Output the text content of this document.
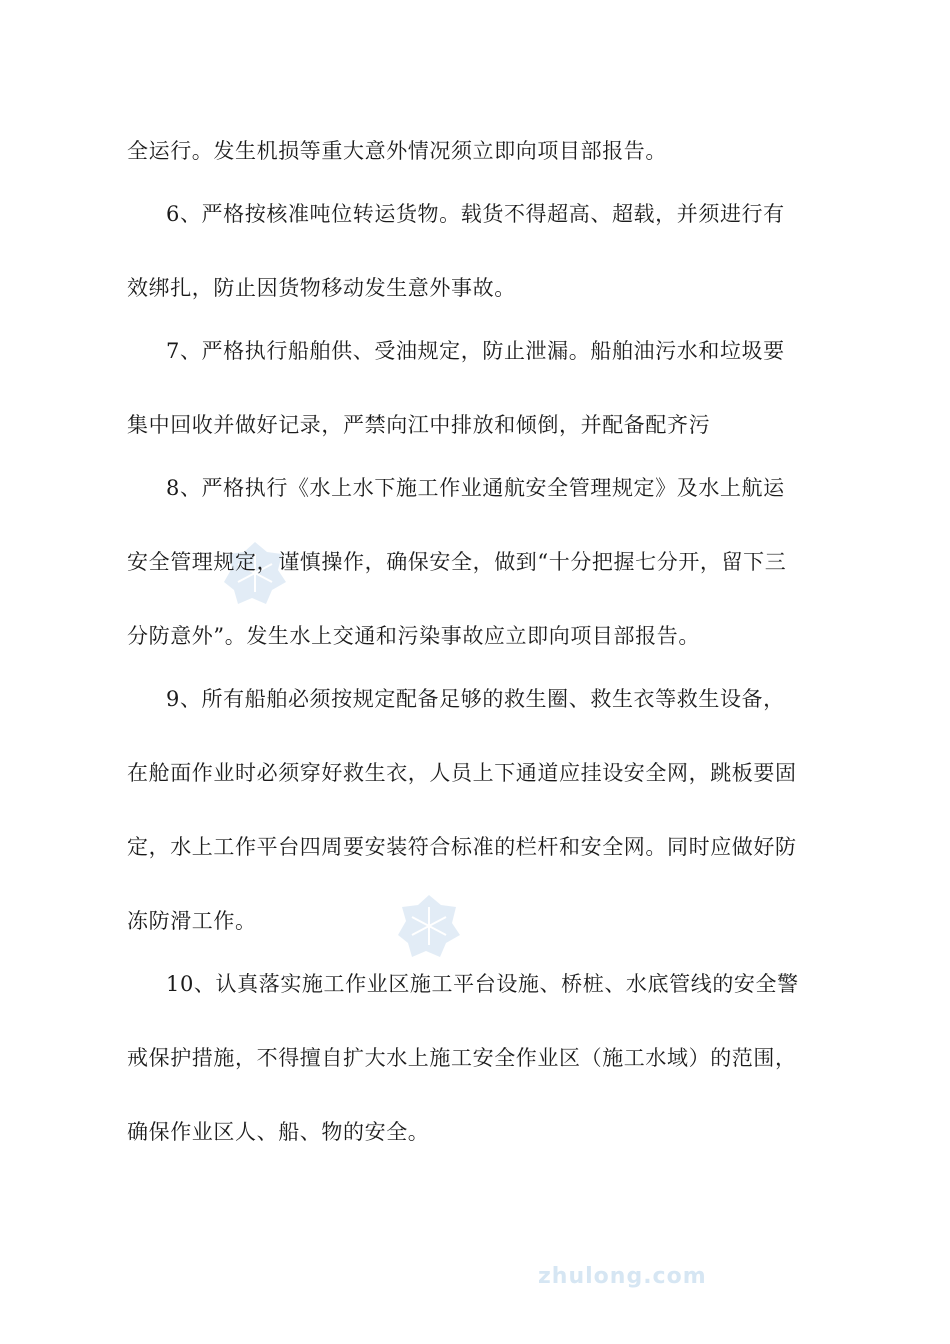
全运行。发生机损等重大意外情况须立即向项目部报告。
6、严格按核准吨位转运货物。载货不得超高、超载，并须进行有
效绑扎，防止因货物移动发生意外事故。
7、严格执行船舶供、受油规定，防止泄漏。船舶油污水和垃圾要
集中回收并做好记录，严禁向江中排放和倾倒，并配备配齐污
8、严格执行《水上水下施工作业通航安全管理规定》及水上航运
安全管理规定，谨慎操作，确保安全，做到“十分把握七分开，留下三
分防意外”。发生水上交通和污染事故应立即向项目部报告。
9、所有船舶必须按规定配备足够的救生圈、救生衣等救生设备，
在舱面作业时必须穿好救生衣，人员上下通道应挂设安全网，跳板要固
定，水上工作平台四周要安装符合标准的栏杆和安全网。同时应做好防
冻防滑工作。
10、认真落实施工作业区施工平台设施、桥桩、水底管线的安全警
戒保护措施，不得擅自扩大水上施工安全作业区（施工水域）的范围，
确保作业区人、船、物的安全。
zhulong.com
